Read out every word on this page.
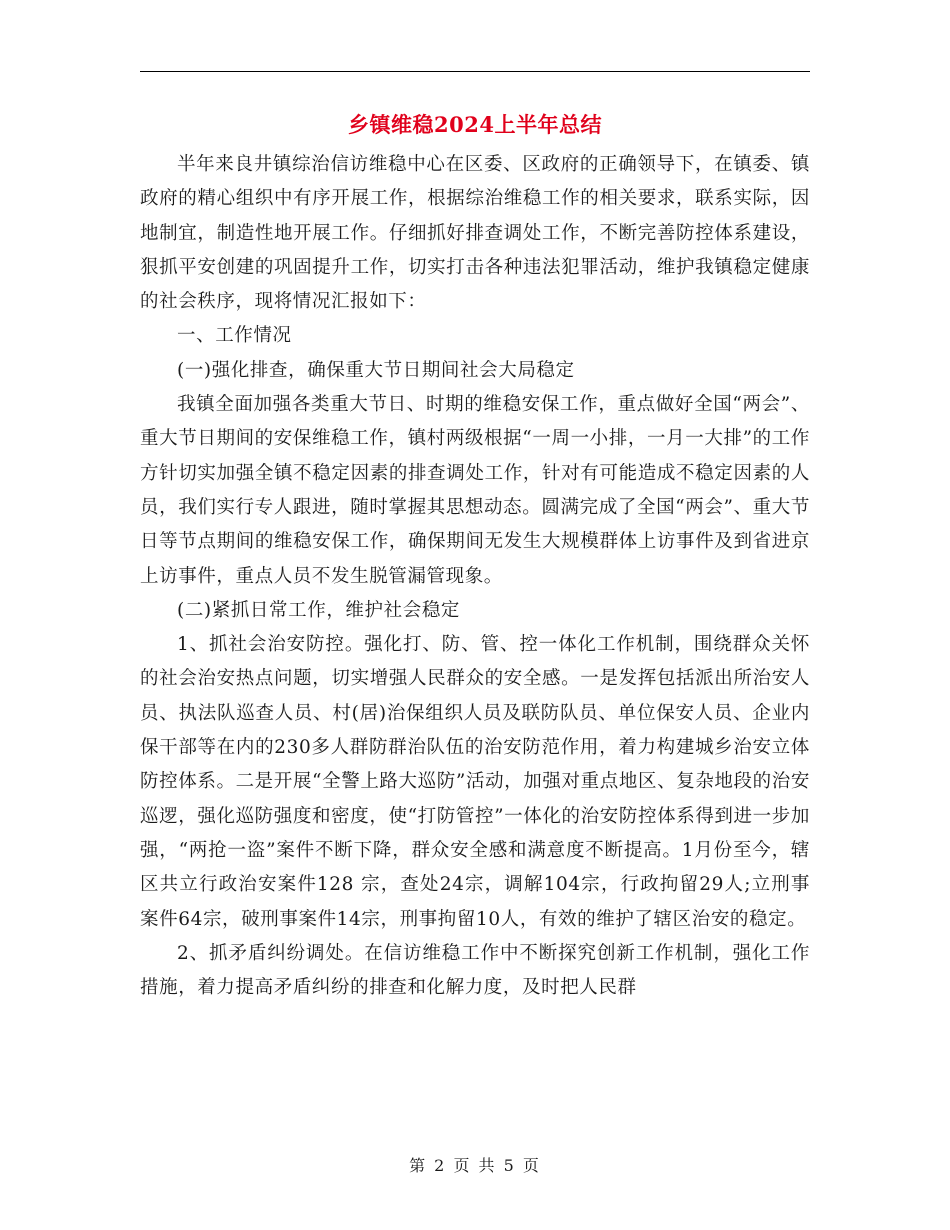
乡镇维稳2024上半年总结

半年来良井镇综治信访维稳中心在区委、区政府的正确领导下，在镇委、镇政府的精心组织中有序开展工作，根据综治维稳工作的相关要求，联系实际，因地制宜，制造性地开展工作。仔细抓好排查调处工作，不断完善防控体系建设，狠抓平安创建的巩固提升工作，切实打击各种违法犯罪活动，维护我镇稳定健康的社会秩序，现将情况汇报如下：

一、工作情况

(一)强化排查，确保重大节日期间社会大局稳定

我镇全面加强各类重大节日、时期的维稳安保工作，重点做好全国“两会”、重大节日期间的安保维稳工作，镇村两级根据“一周一小排，一月一大排”的工作方针切实加强全镇不稳定因素的排查调处工作，针对有可能造成不稳定因素的人员，我们实行专人跟进，随时掌握其思想动态。圆满完成了全国“两会”、重大节日等节点期间的维稳安保工作，确保期间无发生大规模群体上访事件及到省进京上访事件，重点人员不发生脱管漏管现象。

(二)紧抓日常工作，维护社会稳定

1、抓社会治安防控。强化打、防、管、控一体化工作机制，围绕群众关怀的社会治安热点问题，切实增强人民群众的安全感。一是发挥包括派出所治安人员、执法队巡查人员、村(居)治保组织人员及联防队员、单位保安人员、企业内保干部等在内的230多人群防群治队伍的治安防范作用，着力构建城乡治安立体防控体系。二是开展“全警上路大巡防”活动，加强对重点地区、复杂地段的治安巡逻，强化巡防强度和密度，使“打防管控”一体化的治安防控体系得到进一步加强，“两抢一盗”案件不断下降，群众安全感和满意度不断提高。1月份至今，辖区共立行政治安案件128 宗，查处24宗，调解104宗，行政拘留29人;立刑事案件64宗，破刑事案件14宗，刑事拘留10人，有效的维护了辖区治安的稳定。

2、抓矛盾纠纷调处。在信访维稳工作中不断探究创新工作机制，强化工作措施，着力提高矛盾纠纷的排查和化解力度，及时把人民群

第 2 页 共 5 页
